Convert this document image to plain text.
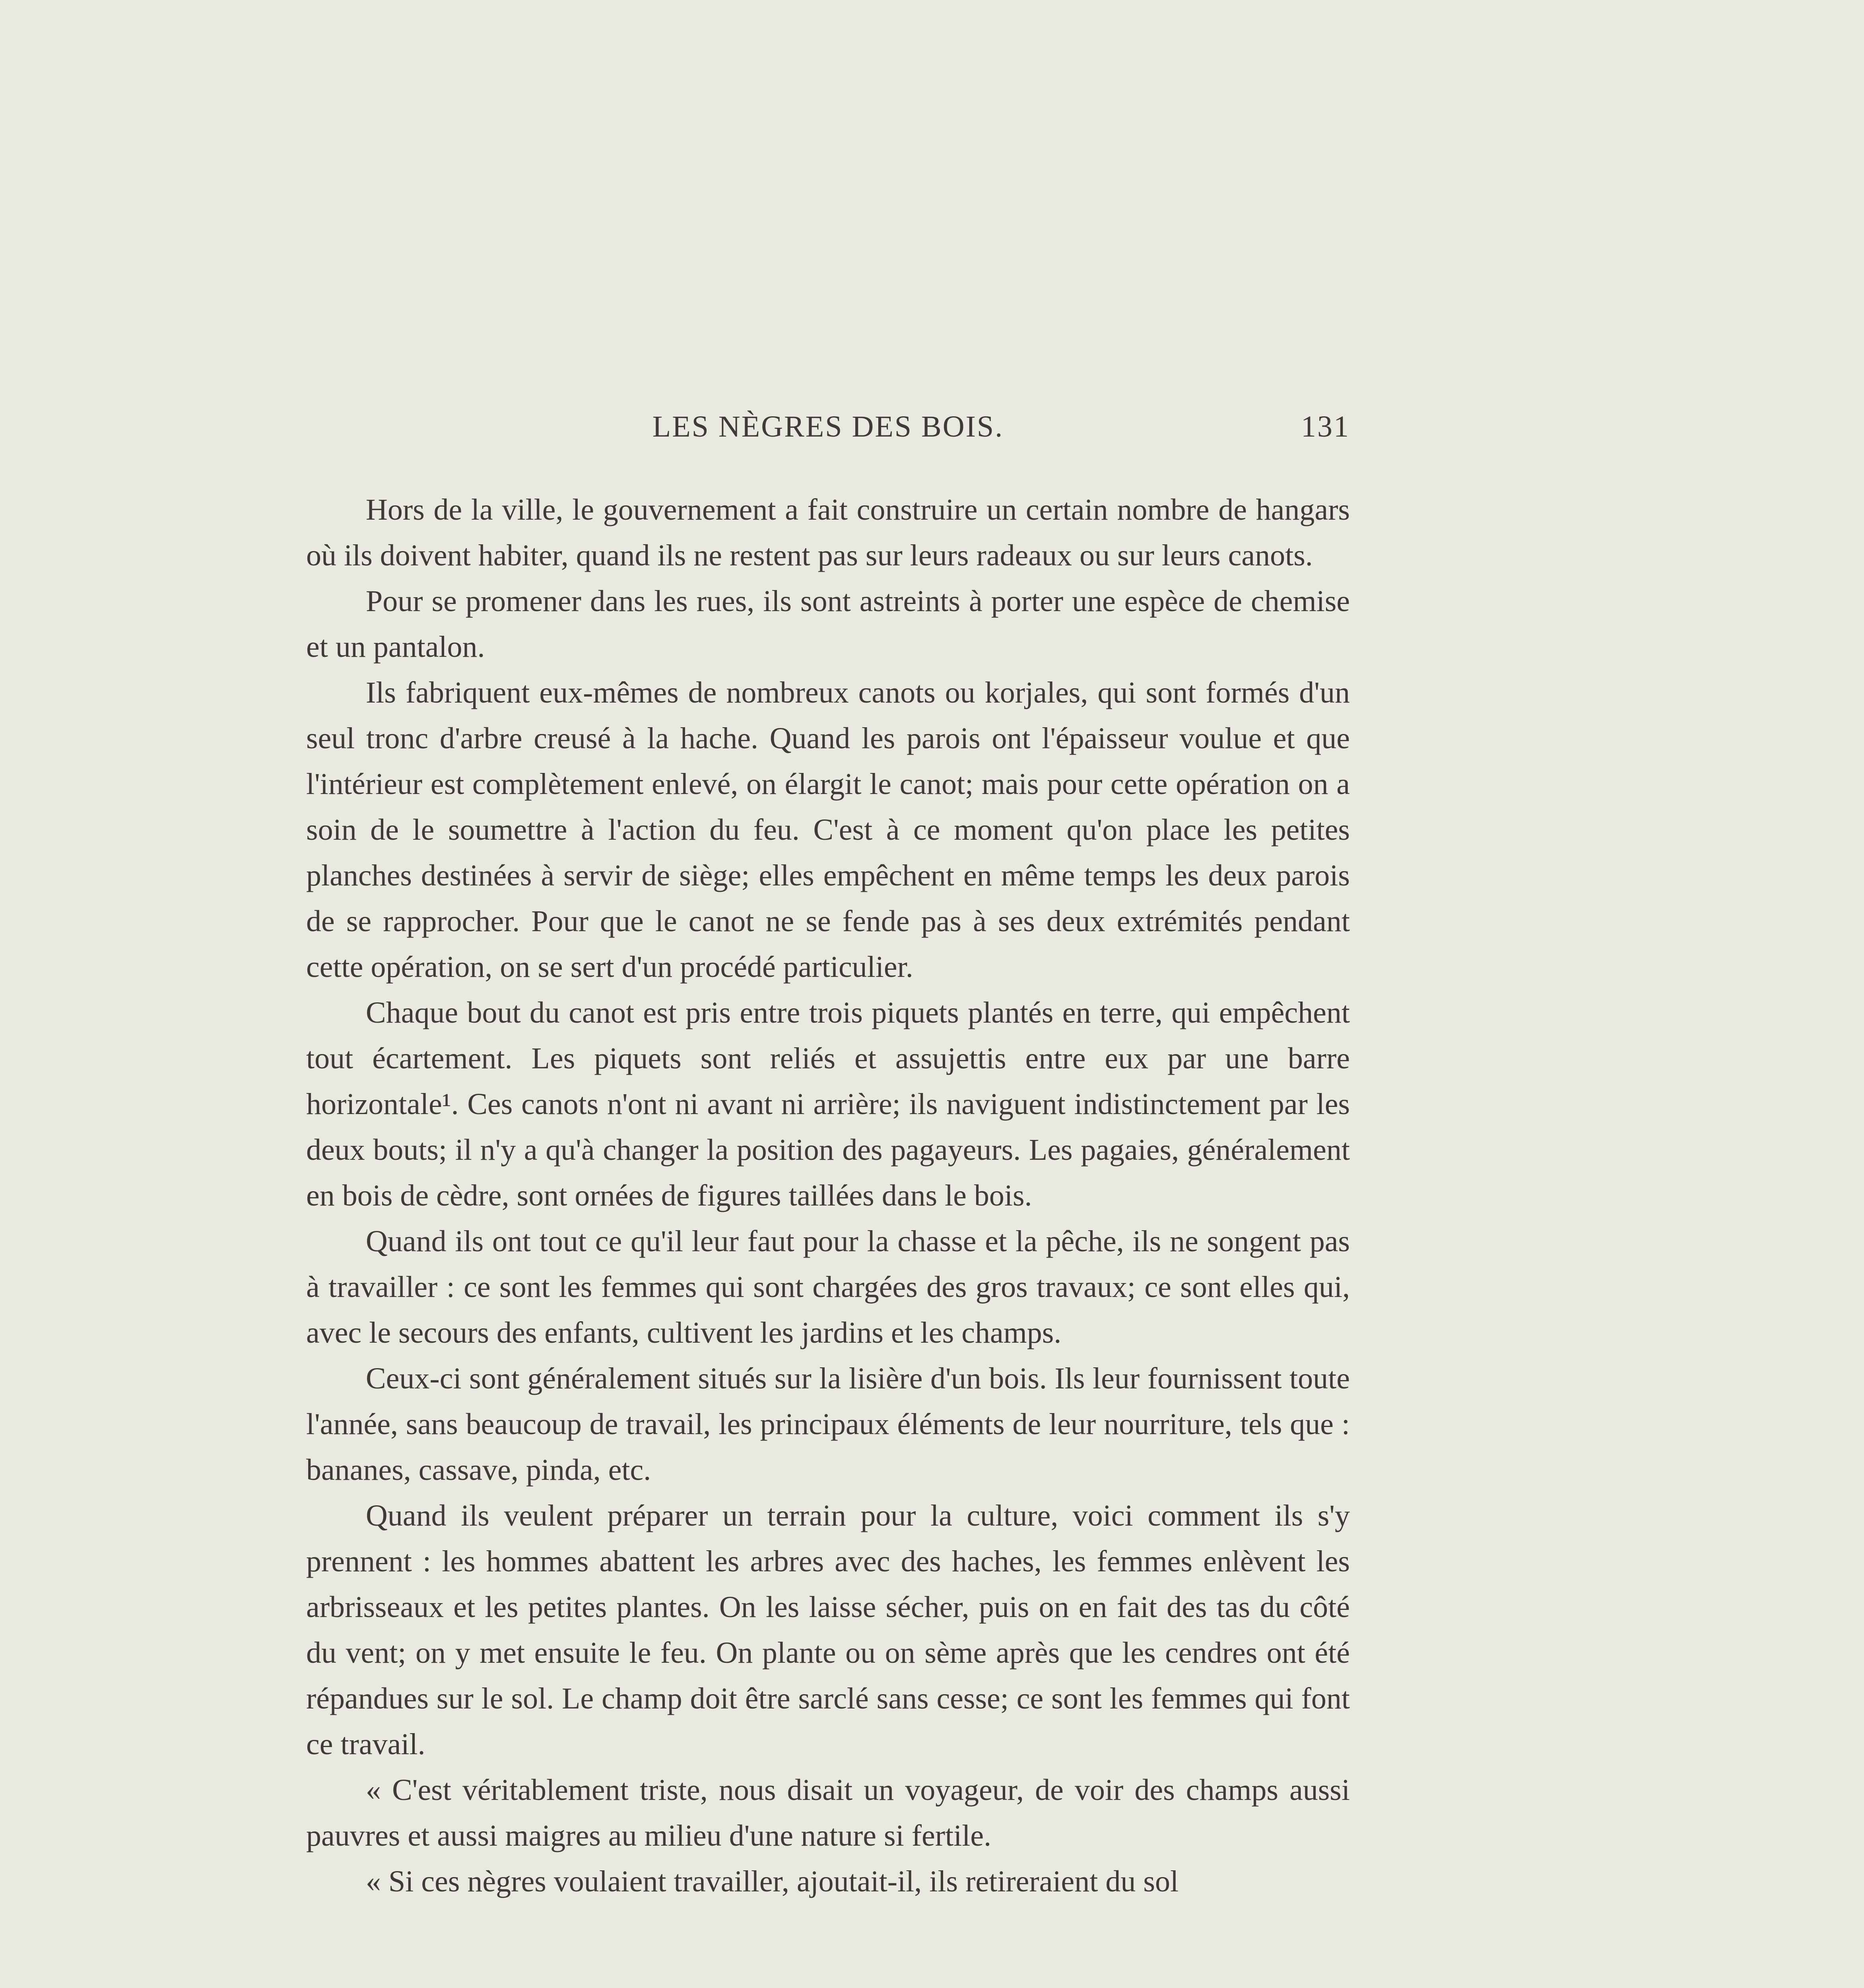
LES NÈGRES DES BOIS.	131

Hors de la ville, le gouvernement a fait construire un certain nombre de hangars où ils doivent habiter, quand ils ne restent pas sur leurs radeaux ou sur leurs canots.

Pour se promener dans les rues, ils sont astreints à porter une espèce de chemise et un pantalon.

Ils fabriquent eux-mêmes de nombreux canots ou korjales, qui sont formés d'un seul tronc d'arbre creusé à la hache. Quand les parois ont l'épaisseur voulue et que l'intérieur est complètement enlevé, on élargit le canot; mais pour cette opération on a soin de le soumettre à l'action du feu. C'est à ce moment qu'on place les petites planches destinées à servir de siège; elles empêchent en même temps les deux parois de se rapprocher. Pour que le canot ne se fende pas à ses deux extrémités pendant cette opération, on se sert d'un procédé particulier.

Chaque bout du canot est pris entre trois piquets plantés en terre, qui empêchent tout écartement. Les piquets sont reliés et assujettis entre eux par une barre horizontale¹. Ces canots n'ont ni avant ni arrière; ils naviguent indistinctement par les deux bouts; il n'y a qu'à changer la position des pagayeurs. Les pagaies, généralement en bois de cèdre, sont ornées de figures taillées dans le bois.

Quand ils ont tout ce qu'il leur faut pour la chasse et la pêche, ils ne songent pas à travailler : ce sont les femmes qui sont chargées des gros travaux; ce sont elles qui, avec le secours des enfants, cultivent les jardins et les champs.

Ceux-ci sont généralement situés sur la lisière d'un bois. Ils leur fournissent toute l'année, sans beaucoup de travail, les principaux éléments de leur nourriture, tels que : bananes, cassave, pinda, etc.

Quand ils veulent préparer un terrain pour la culture, voici comment ils s'y prennent : les hommes abattent les arbres avec des haches, les femmes enlèvent les arbrisseaux et les petites plantes. On les laisse sécher, puis on en fait des tas du côté du vent; on y met ensuite le feu. On plante ou on sème après que les cendres ont été répandues sur le sol. Le champ doit être sarclé sans cesse; ce sont les femmes qui font ce travail.

« C'est véritablement triste, nous disait un voyageur, de voir des champs aussi pauvres et aussi maigres au milieu d'une nature si fertile.

« Si ces nègres voulaient travailler, ajoutait-il, ils retireraient du sol
